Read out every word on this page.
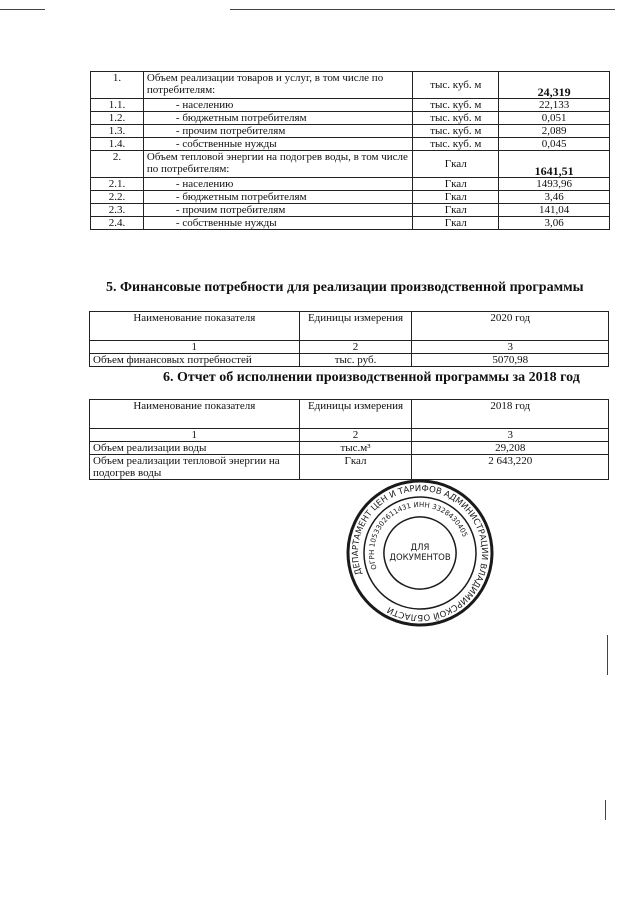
1.	Объем реализации товаров и услуг, в том числе по потребителям:	тыс. куб. м	24,319
1.1.	- населению	тыс. куб. м	22,133
1.2.	- бюджетным потребителям	тыс. куб. м	0,051
1.3.	- прочим потребителям	тыс. куб. м	2,089
1.4.	- собственные нужды	тыс. куб. м	0,045
2.	Объем тепловой энергии на подогрев воды, в том числе по потребителям:	Гкал	1641,51
2.1.	- населению	Гкал	1493,96
2.2.	- бюджетным потребителям	Гкал	3,46
2.3.	- прочим потребителям	Гкал	141,04
2.4.	- собственные нужды	Гкал	3,06
5. Финансовые потребности для реализации производственной программы
Наименование показателя	Единицы измерения	2020 год
1	2	3
Объем финансовых потребностей	тыс. руб.	5070,98
6. Отчет об исполнении производственной программы за 2018 год
Наименование показателя	Единицы измерения	2018 год
1	2	3
Объем реализации воды	тыс.м³	29,208
Объем реализации тепловой энергии на подогрев воды	Гкал	2 643,220
ДЕПАРТАМЕНТ ЦЕН И ТАРИФОВ АДМИНИСТРАЦИИ ВЛАДИМИРСКОЙ ОБЛАСТИ
ОГРН 1053302611431 ИНН 3328430405
ДЛЯ ДОКУМЕНТОВ
